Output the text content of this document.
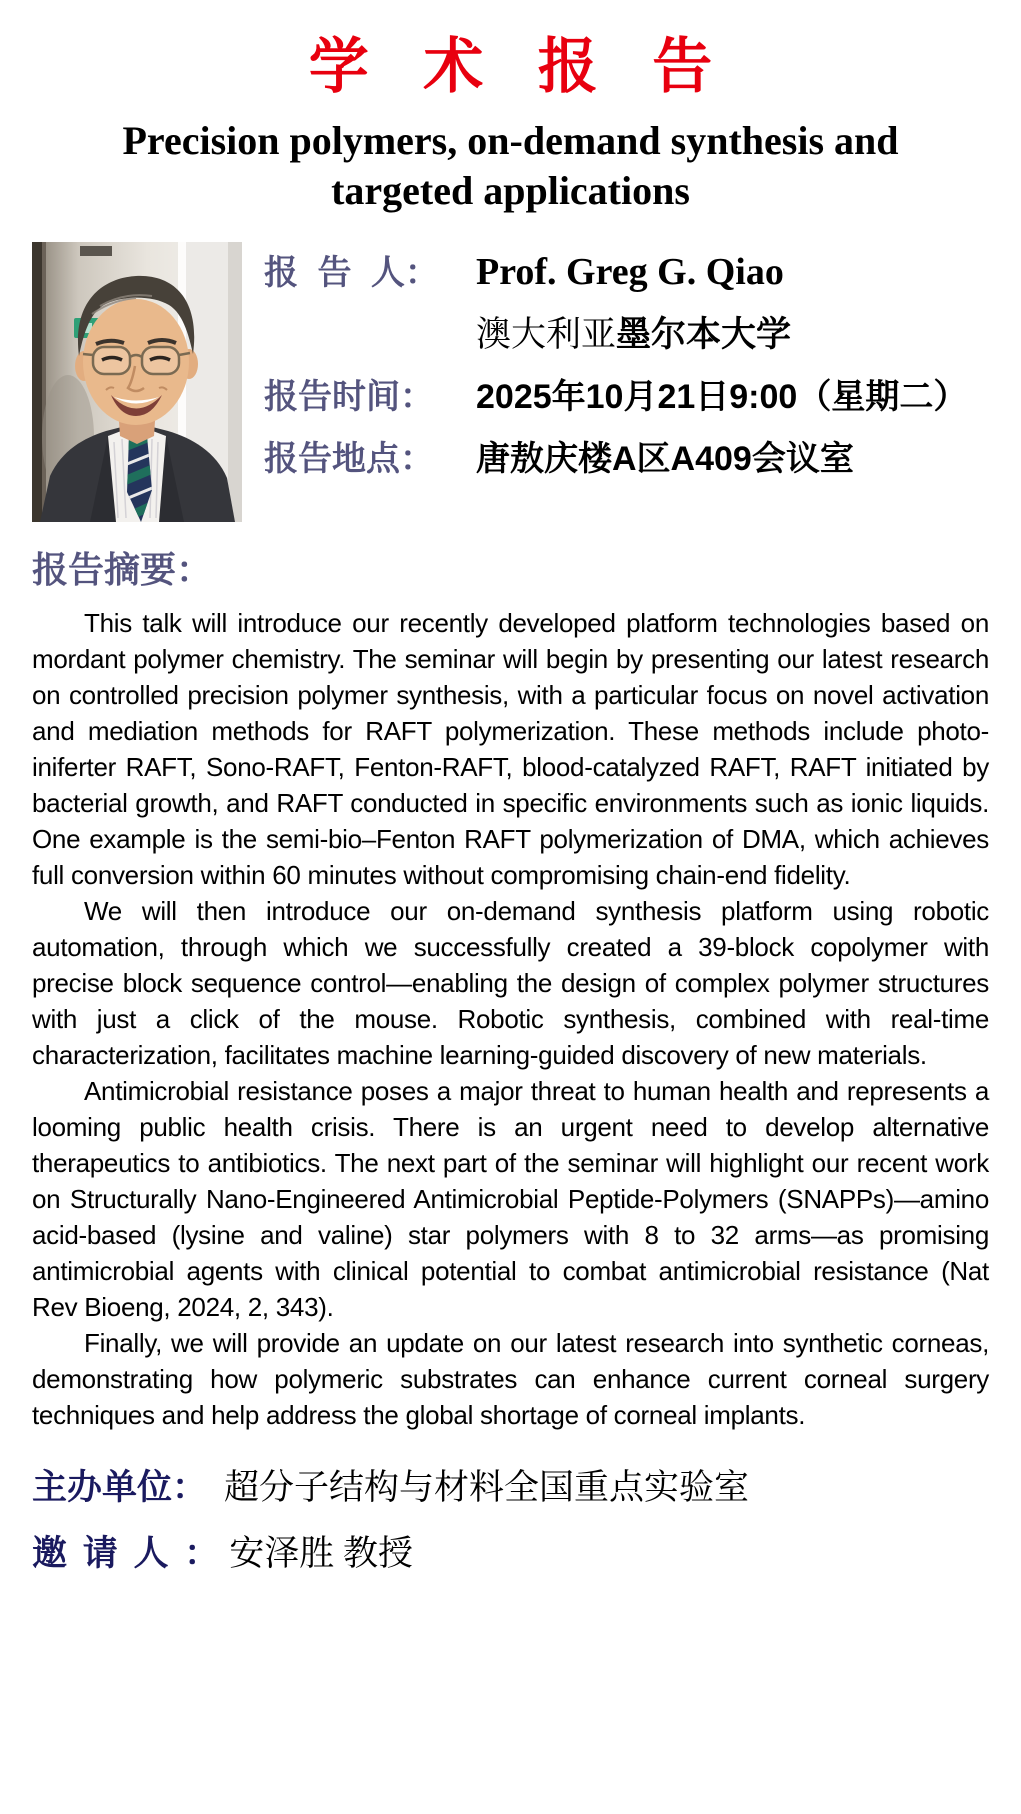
学 术 报 告
Precision polymers, on-demand synthesis and
targeted applications
报 告 人： Prof. Greg G. Qiao
澳大利亚墨尔本大学
报告时间：	2025年10月21日9:00（星期二）
报告地点：	唐敖庆楼A区A409会议室
报告摘要：

This talk will introduce our recently developed platform technologies based on mordant polymer chemistry. The seminar will begin by presenting our latest research on controlled precision polymer synthesis, with a particular focus on novel activation and mediation methods for RAFT polymerization. These methods include photo-iniferter RAFT, Sono-RAFT, Fenton-RAFT, blood-catalyzed RAFT, RAFT initiated by bacterial growth, and RAFT conducted in specific environments such as ionic liquids. One example is the semi-bio–Fenton RAFT polymerization of DMA, which achieves full conversion within 60 minutes without compromising chain-end fidelity.

We will then introduce our on-demand synthesis platform using robotic automation, through which we successfully created a 39-block copolymer with precise block sequence control—enabling the design of complex polymer structures with just a click of the mouse. Robotic synthesis, combined with real-time characterization, facilitates machine learning-guided discovery of new materials.

Antimicrobial resistance poses a major threat to human health and represents a looming public health crisis. There is an urgent need to develop alternative therapeutics to antibiotics. The next part of the seminar will highlight our recent work on Structurally Nano-Engineered Antimicrobial Peptide-Polymers (SNAPPs)—amino acid-based (lysine and valine) star polymers with 8 to 32 arms—as promising antimicrobial agents with clinical potential to combat antimicrobial resistance (Nat Rev Bioeng, 2024, 2, 343).

Finally, we will provide an update on our latest research into synthetic corneas, demonstrating how polymeric substrates can enhance current corneal surgery techniques and help address the global shortage of corneal implants.

主办单位： 超分子结构与材料全国重点实验室
邀 请 人 ： 安泽胜 教授
